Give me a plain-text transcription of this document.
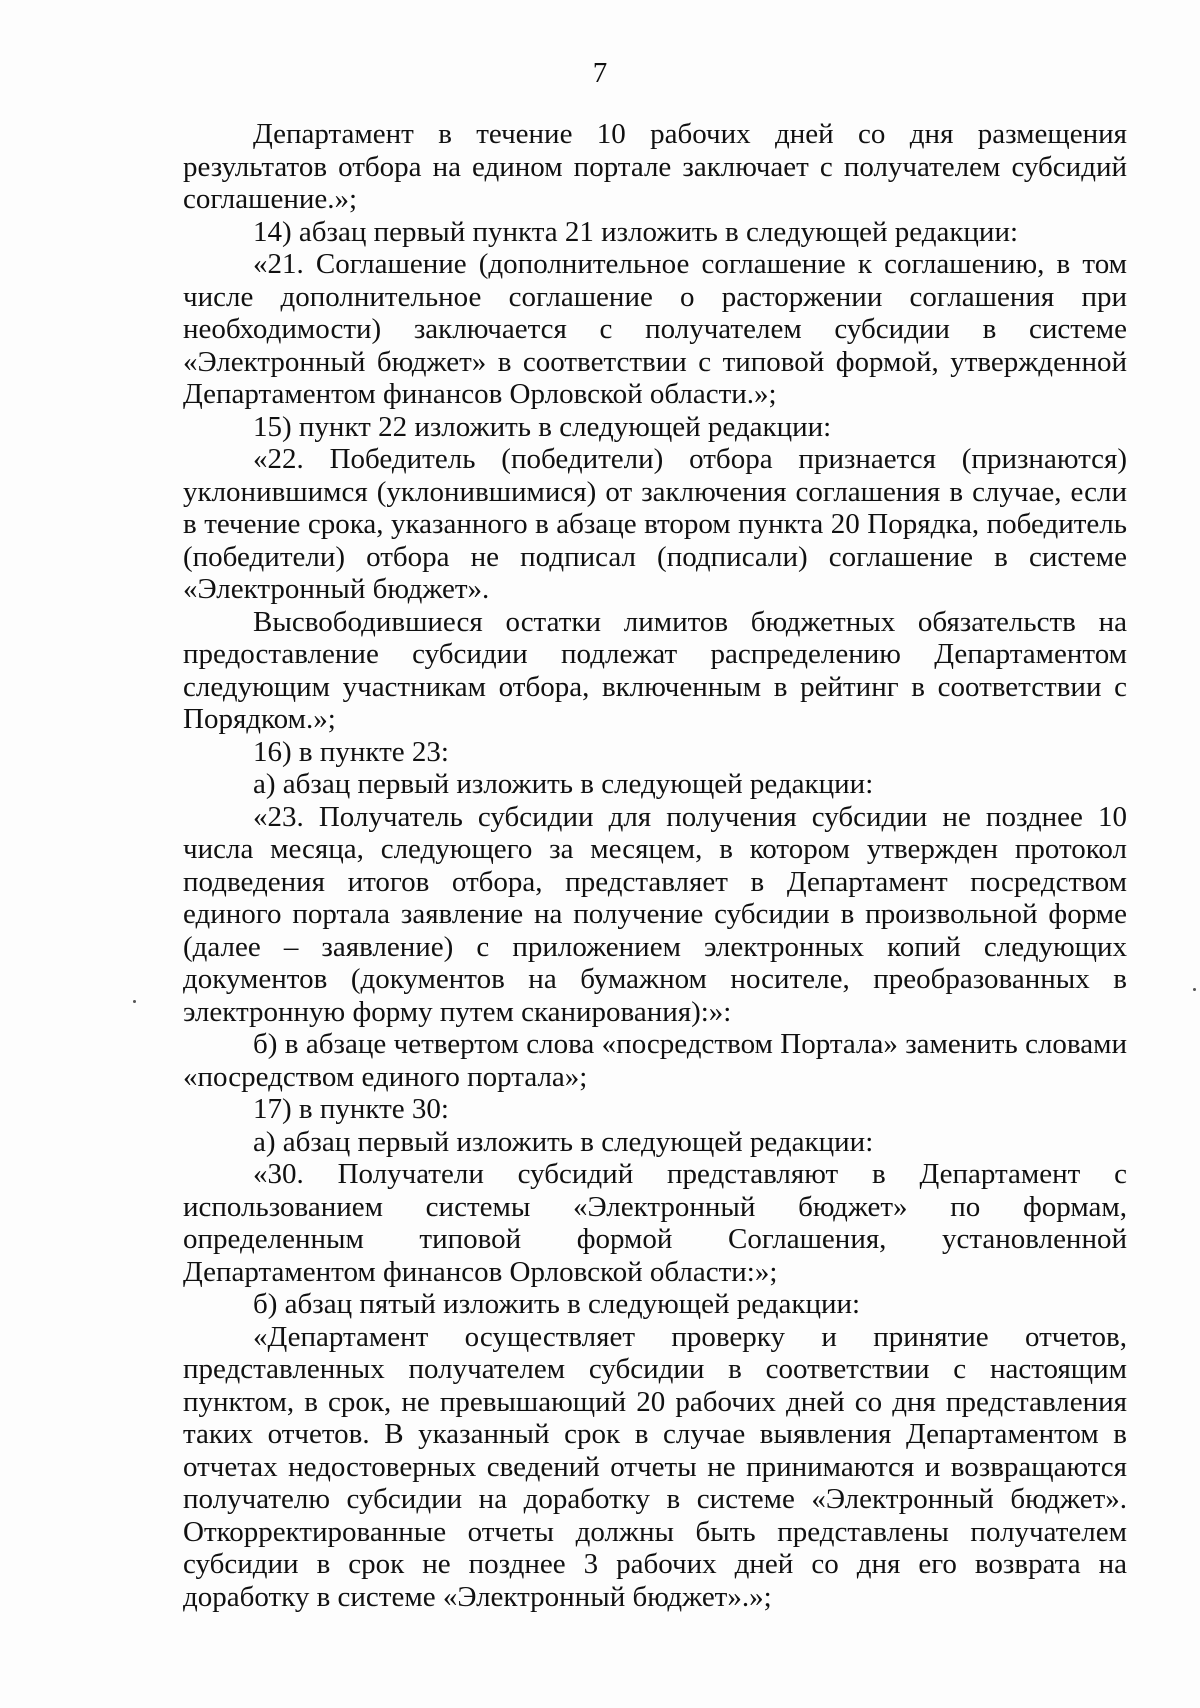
7

Департамент в течение 10 рабочих дней со дня размещения результатов отбора на едином портале заключает с получателем субсидий соглашение.»;

14) абзац первый пункта 21 изложить в следующей редакции:

«21. Соглашение (дополнительное соглашение к соглашению, в том числе дополнительное соглашение о расторжении соглашения при необходимости) заключается с получателем субсидии в системе «Электронный бюджет» в соответствии с типовой формой, утвержденной Департаментом финансов Орловской области.»;

15) пункт 22 изложить в следующей редакции:

«22. Победитель (победители) отбора признается (признаются) уклонившимся (уклонившимися) от заключения соглашения в случае, если в течение срока, указанного в абзаце втором пункта 20 Порядка, победитель (победители) отбора не подписал (подписали) соглашение в системе «Электронный бюджет».

Высвободившиеся остатки лимитов бюджетных обязательств на предоставление субсидии подлежат распределению Департаментом следующим участникам отбора, включенным в рейтинг в соответствии с Порядком.»;

16) в пункте 23:

а) абзац первый изложить в следующей редакции:

«23. Получатель субсидии для получения субсидии не позднее 10 числа месяца, следующего за месяцем, в котором утвержден протокол подведения итогов отбора, представляет в Департамент посредством единого портала заявление на получение субсидии в произвольной форме (далее – заявление) с приложением электронных копий следующих документов (документов на бумажном носителе, преобразованных в электронную форму путем сканирования):»:

б) в абзаце четвертом слова «посредством Портала» заменить словами «посредством единого портала»;

17) в пункте 30:

а) абзац первый изложить в следующей редакции:

«30. Получатели субсидий представляют в Департамент с использованием системы «Электронный бюджет» по формам, определенным типовой формой Соглашения, установленной Департаментом финансов Орловской области:»;

б) абзац пятый изложить в следующей редакции:

«Департамент осуществляет проверку и принятие отчетов, представленных получателем субсидии в соответствии с настоящим пунктом, в срок, не превышающий 20 рабочих дней со дня представления таких отчетов. В указанный срок в случае выявления Департаментом в отчетах недостоверных сведений отчеты не принимаются и возвращаются получателю субсидии на доработку в системе «Электронный бюджет». Откорректированные отчеты должны быть представлены получателем субсидии в срок не позднее 3 рабочих дней со дня его возврата на доработку в системе «Электронный бюджет».»;
